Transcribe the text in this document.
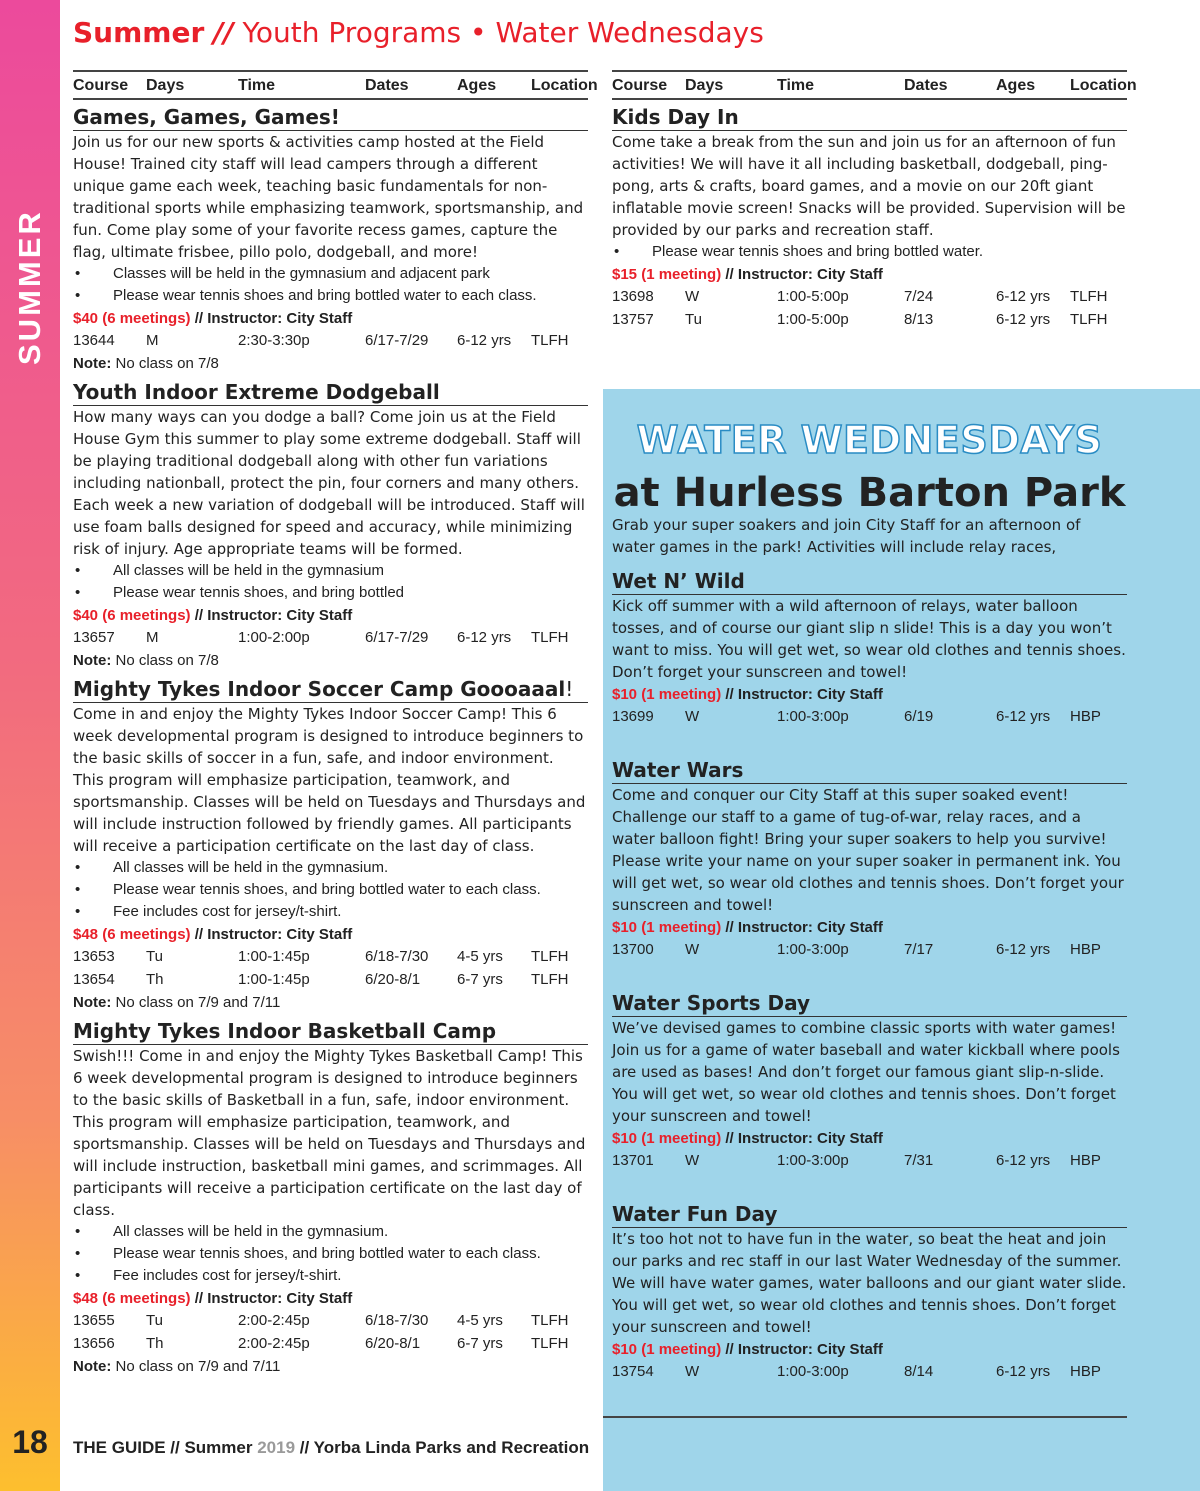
SUMMER
18
Summer // Youth Programs • Water Wednesdays
Course Days	Time	Dates	Ages Location
Games, Games, Games!
Join us for our new sports & activities camp hosted at the Field House! Trained city staff will lead campers through a different unique game each week, teaching basic fundamentals for non-traditional sports while emphasizing teamwork, sportsmanship, and fun. Come play some of your favorite recess games, capture the flag, ultimate frisbee, pillo polo, dodgeball, and more!
• Classes will be held in the gymnasium and adjacent park
• Please wear tennis shoes and bring bottled water to each class.
$40 (6 meetings) // Instructor: City Staff
13644 M	2:30-3:30p	6/17-7/29 6-12 yrs TLFH
Note: No class on 7/8
Youth Indoor Extreme Dodgeball
How many ways can you dodge a ball? Come join us at the Field House Gym this summer to play some extreme dodgeball. Staff will be playing traditional dodgeball along with other fun variations including nationball, protect the pin, four corners and many others. Each week a new variation of dodgeball will be introduced. Staff will use foam balls designed for speed and accuracy, while minimizing risk of injury. Age appropriate teams will be formed.
• All classes will be held in the gymnasium
• Please wear tennis shoes, and bring bottled
$40 (6 meetings) // Instructor: City Staff
13657 M	1:00-2:00p	6/17-7/29 6-12 yrs TLFH
Note: No class on 7/8
Mighty Tykes Indoor Soccer Camp Goooaaal!
Come in and enjoy the Mighty Tykes Indoor Soccer Camp! This 6 week developmental program is designed to introduce beginners to the basic skills of soccer in a fun, safe, and indoor environment. This program will emphasize participation, teamwork, and sportsmanship. Classes will be held on Tuesdays and Thursdays and will include instruction followed by friendly games. All participants will receive a participation certificate on the last day of class.
• All classes will be held in the gymnasium.
• Please wear tennis shoes, and bring bottled water to each class.
• Fee includes cost for jersey/t-shirt.
$48 (6 meetings) // Instructor: City Staff
13653 Tu	1:00-1:45p	6/18-7/30 4-5 yrs TLFH
13654 Th	1:00-1:45p	6/20-8/1 6-7 yrs TLFH
Note: No class on 7/9 and 7/11
Mighty Tykes Indoor Basketball Camp
Swish!!! Come in and enjoy the Mighty Tykes Basketball Camp! This 6 week developmental program is designed to introduce beginners to the basic skills of Basketball in a fun, safe, indoor environment. This program will emphasize participation, teamwork, and sportsmanship. Classes will be held on Tuesdays and Thursdays and will include instruction, basketball mini games, and scrimmages. All participants will receive a participation certificate on the last day of class.
• All classes will be held in the gymnasium.
• Please wear tennis shoes, and bring bottled water to each class.
• Fee includes cost for jersey/t-shirt.
$48 (6 meetings) // Instructor: City Staff
13655 Tu	2:00-2:45p	6/18-7/30 4-5 yrs TLFH
13656 Th	2:00-2:45p	6/20-8/1 6-7 yrs TLFH
Note: No class on 7/9 and 7/11
Course Days	Time	Dates	Ages Location
Kids Day In
Come take a break from the sun and join us for an afternoon of fun activities! We will have it all including basketball, dodgeball, ping-pong, arts & crafts, board games, and a movie on our 20ft giant inflatable movie screen! Snacks will be provided. Supervision will be provided by our parks and recreation staff.
• Please wear tennis shoes and bring bottled water.
$15 (1 meeting) // Instructor: City Staff
13698 W	1:00-5:00p	7/24	6-12 yrs TLFH
13757 Tu	1:00-5:00p	8/13	6-12 yrs TLFH
WATER WEDNESDAYS
at Hurless Barton Park
Grab your super soakers and join City Staff for an afternoon of water games in the park! Activities will include relay races,
Wet N’ Wild
Kick off summer with a wild afternoon of relays, water balloon tosses, and of course our giant slip n slide! This is a day you won’t want to miss. You will get wet, so wear old clothes and tennis shoes. Don’t forget your sunscreen and towel!
$10 (1 meeting) // Instructor: City Staff
13699 W	1:00-3:00p	6/19	6-12 yrs HBP
Water Wars
Come and conquer our City Staff at this super soaked event! Challenge our staff to a game of tug-of-war, relay races, and a water balloon fight! Bring your super soakers to help you survive! Please write your name on your super soaker in permanent ink. You will get wet, so wear old clothes and tennis shoes. Don’t forget your sunscreen and towel!
$10 (1 meeting) // Instructor: City Staff
13700 W	1:00-3:00p	7/17	6-12 yrs HBP
Water Sports Day
We’ve devised games to combine classic sports with water games! Join us for a game of water baseball and water kickball where pools are used as bases! And don’t forget our famous giant slip-n-slide. You will get wet, so wear old clothes and tennis shoes. Don’t forget your sunscreen and towel!
$10 (1 meeting) // Instructor: City Staff
13701 W	1:00-3:00p	7/31	6-12 yrs HBP
Water Fun Day
It’s too hot not to have fun in the water, so beat the heat and join our parks and rec staff in our last Water Wednesday of the summer. We will have water games, water balloons and our giant water slide. You will get wet, so wear old clothes and tennis shoes. Don’t forget your sunscreen and towel!
$10 (1 meeting) // Instructor: City Staff
13754 W	1:00-3:00p	8/14	6-12 yrs HBP
THE GUIDE // Summer 2019 // Yorba Linda Parks and Recreation
